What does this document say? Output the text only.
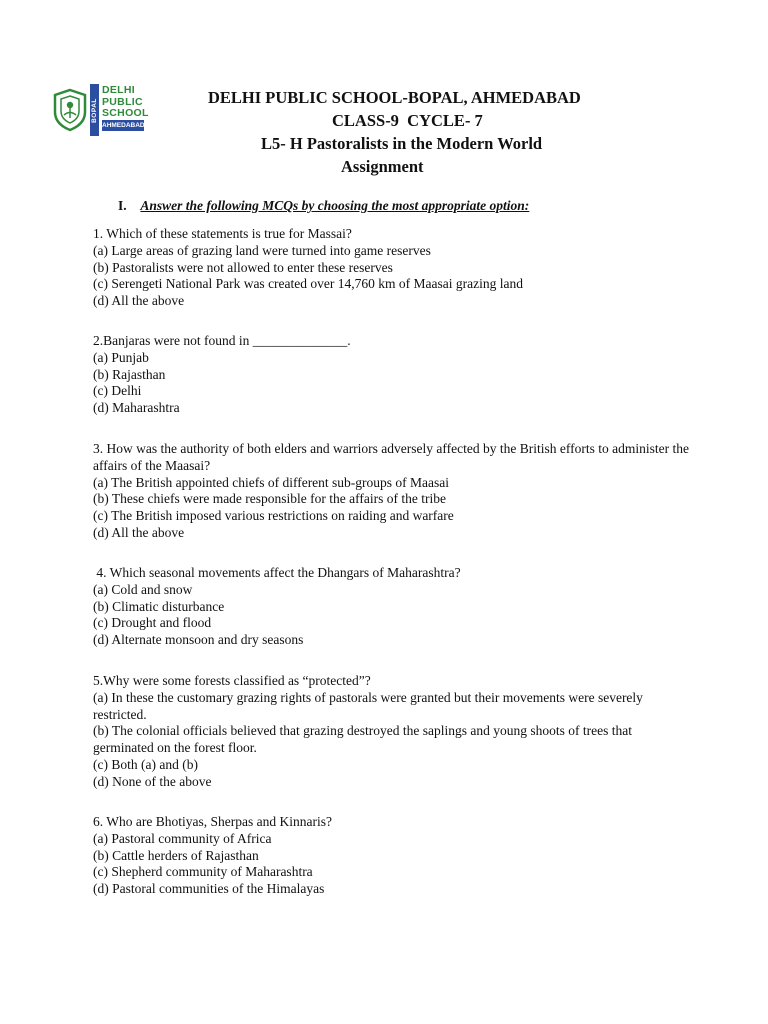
BOPAL
DELHI
PUBLIC
SCHOOL
AHMEDABAD
DELHI PUBLIC SCHOOL-BOPAL, AHMEDABAD
CLASS-9  CYCLE- 7
L5- H Pastoralists in the Modern World
Assignment
I. Answer the following MCQs by choosing the most appropriate option:
1. Which of these statements is true for Massai?
(a) Large areas of grazing land were turned into game reserves
(b) Pastoralists were not allowed to enter these reserves
(c) Serengeti National Park was created over 14,760 km of Maasai grazing land
(d) All the above
2.Banjaras were not found in ______________.
(a) Punjab
(b) Rajasthan
(c) Delhi
(d) Maharashtra
3. How was the authority of both elders and warriors adversely affected by the British efforts to administer the affairs of the Maasai?
(a) The British appointed chiefs of different sub-groups of Maasai
(b) These chiefs were made responsible for the affairs of the tribe
(c) The British imposed various restrictions on raiding and warfare
(d) All the above
4. Which seasonal movements affect the Dhangars of Maharashtra?
(a) Cold and snow
(b) Climatic disturbance
(c) Drought and flood
(d) Alternate monsoon and dry seasons
5.Why were some forests classified as “protected”?
(a) In these the customary grazing rights of pastorals were granted but their movements were severely restricted.
(b) The colonial officials believed that grazing destroyed the saplings and young shoots of trees that germinated on the forest floor.
(c) Both (a) and (b)
(d) None of the above
6. Who are Bhotiyas, Sherpas and Kinnaris?
(a) Pastoral community of Africa
(b) Cattle herders of Rajasthan
(c) Shepherd community of Maharashtra
(d) Pastoral communities of the Himalayas
